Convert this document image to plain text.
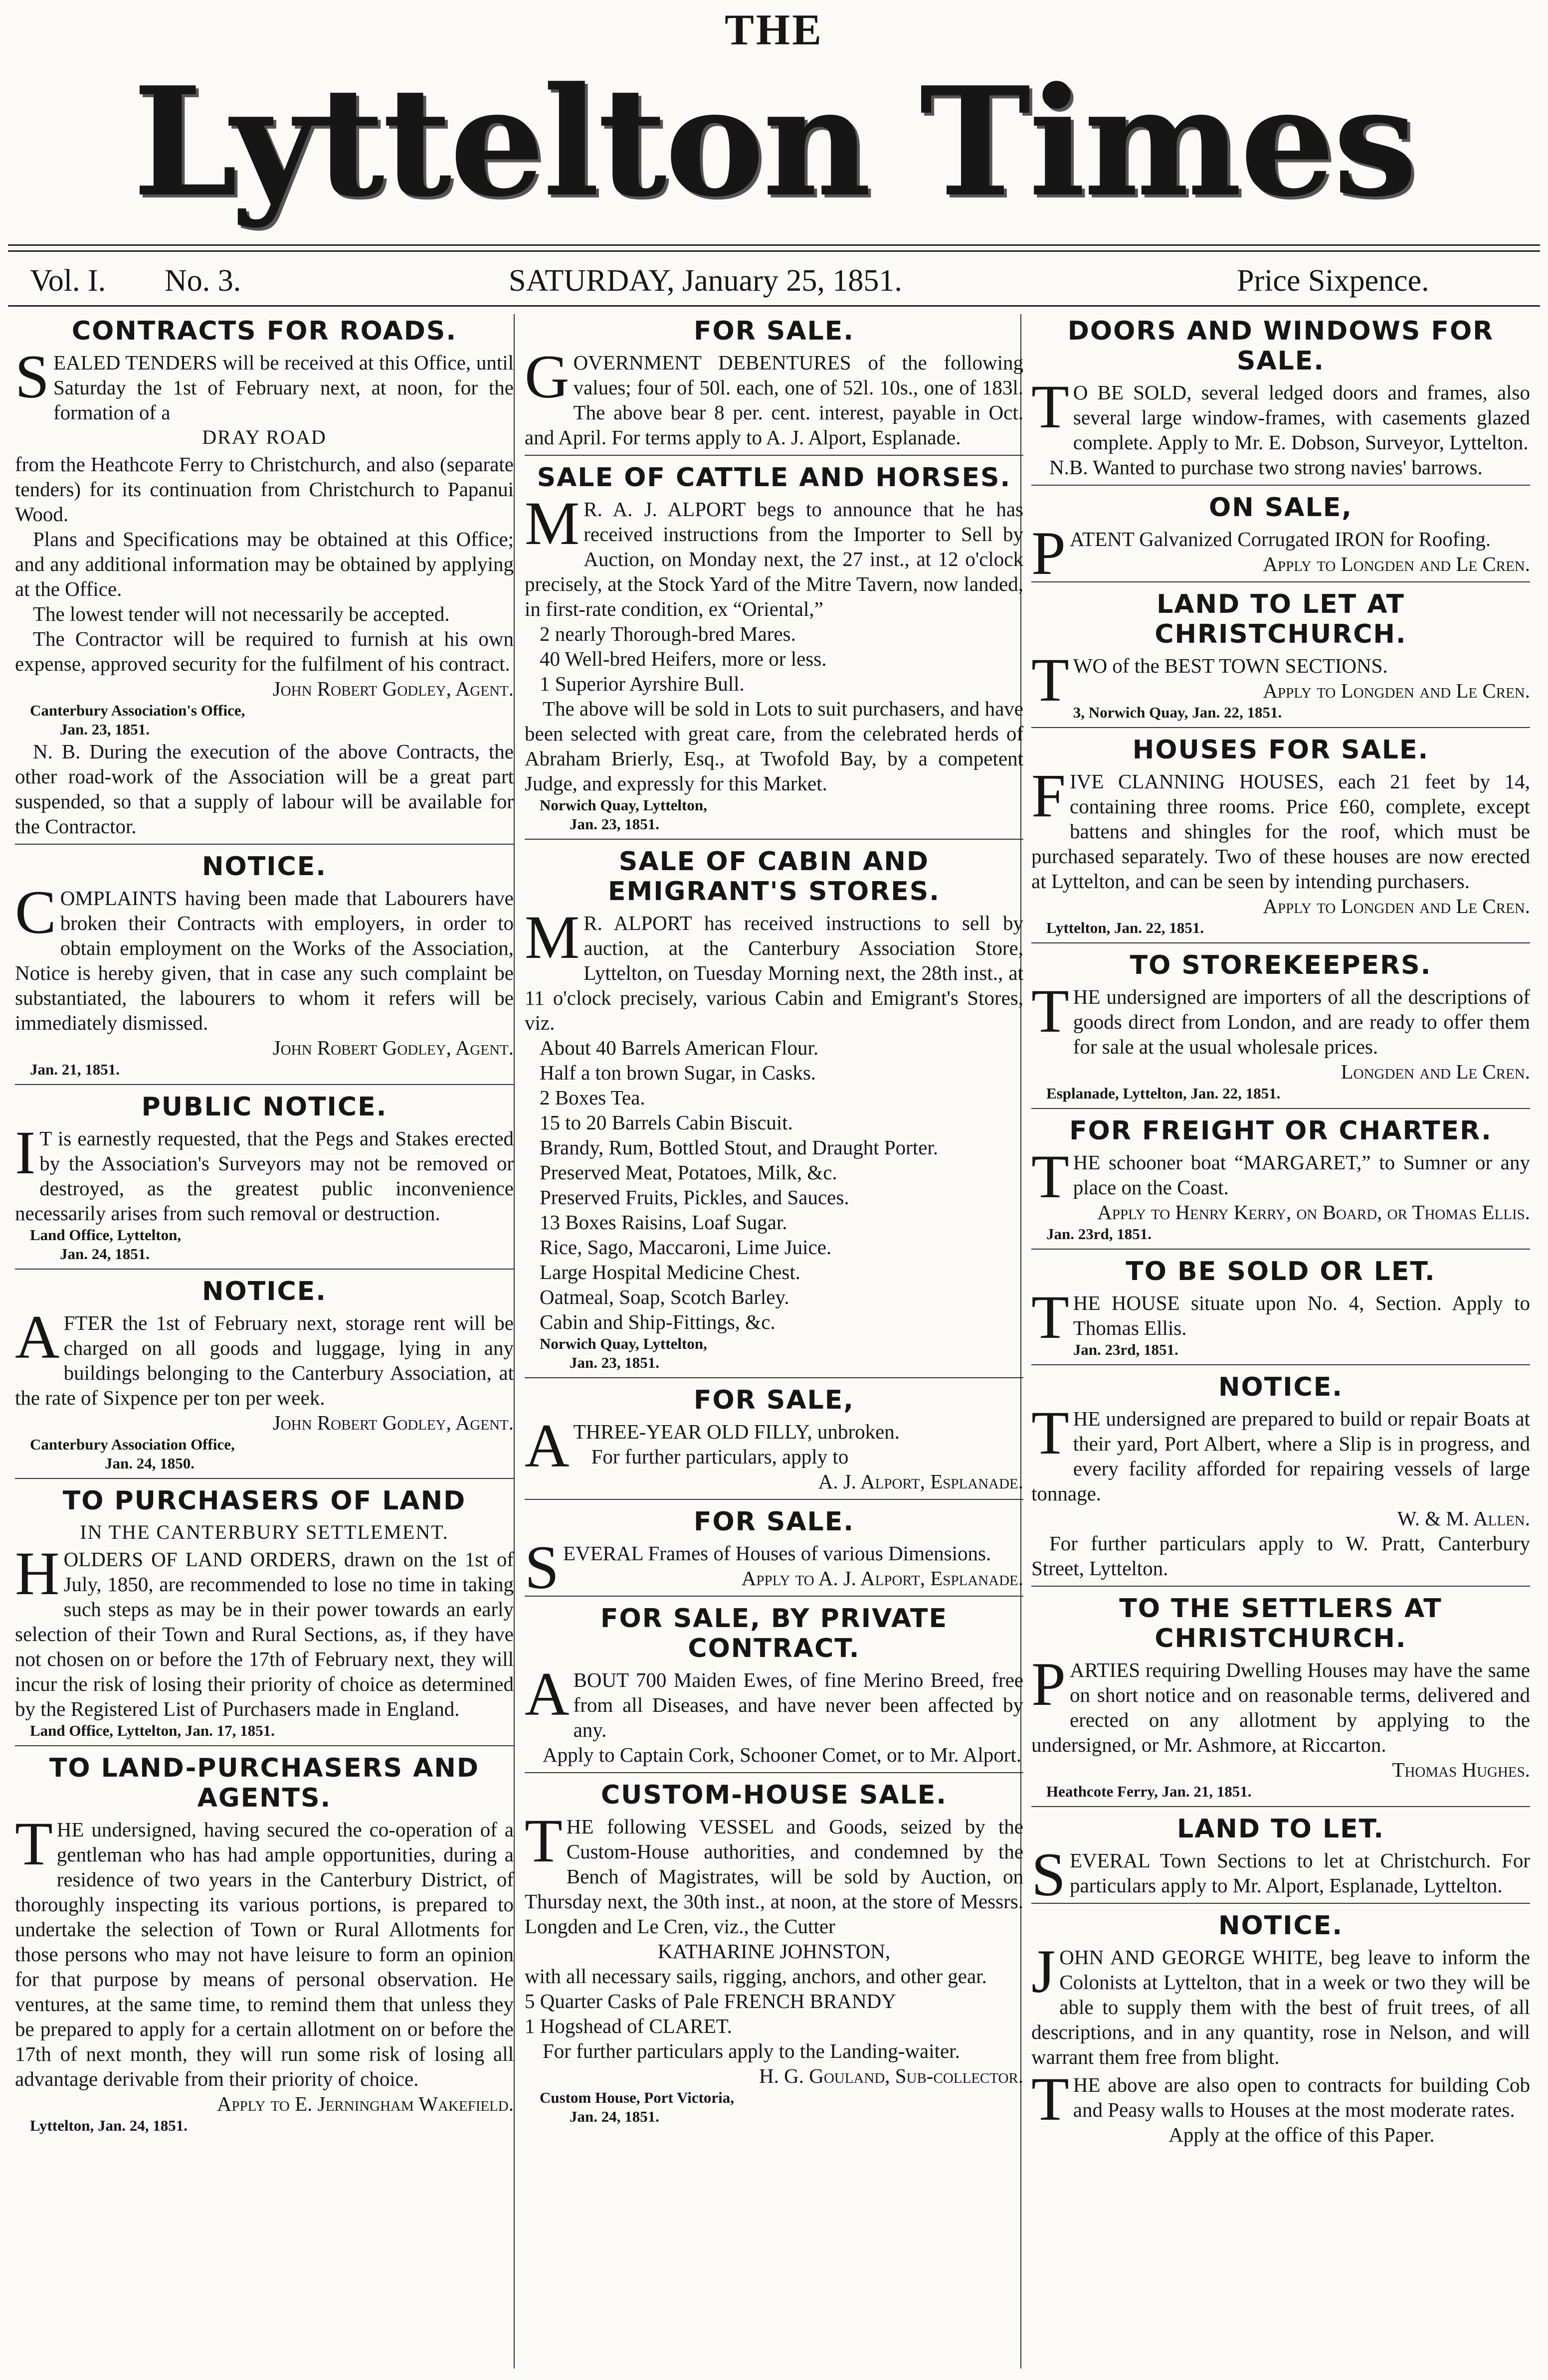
THE
Lyttelton Times
Vol. I. No. 3.	SATURDAY, January 25, 1851.	Price Sixpence.
CONTRACTS FOR ROADS.

SEALED TENDERS will be received at this Office, until Saturday the 1st of February next, at noon, for the formation of a

DRAY ROAD

from the Heathcote Ferry to Christchurch, and also (separate tenders) for its continuation from Christchurch to Papanui Wood.

Plans and Specifications may be obtained at this Office; and any additional information may be obtained by applying at the Office.

The lowest tender will not necessarily be accepted.

The Contractor will be required to furnish at his own expense, approved security for the fulfilment of his contract.

John Robert Godley, Agent.

Canterbury Association's Office,

Jan. 23, 1851.

N. B. During the execution of the above Contracts, the other road-work of the Association will be a great part suspended, so that a supply of labour will be available for the Contractor.

NOTICE.

COMPLAINTS having been made that Labourers have broken their Contracts with employers, in order to obtain employment on the Works of the Association, Notice is hereby given, that in case any such complaint be substantiated, the labourers to whom it refers will be immediately dismissed.

John Robert Godley, Agent.

Jan. 21, 1851.

PUBLIC NOTICE.

IT is earnestly requested, that the Pegs and Stakes erected by the Association's Surveyors may not be removed or destroyed, as the greatest public inconvenience necessarily arises from such removal or destruction.

Land Office, Lyttelton,

Jan. 24, 1851.

NOTICE.

AFTER the 1st of February next, storage rent will be charged on all goods and luggage, lying in any buildings belonging to the Canterbury Association, at the rate of Sixpence per ton per week.

John Robert Godley, Agent.

Canterbury Association Office,

Jan. 24, 1850.

TO PURCHASERS OF LAND
IN THE CANTERBURY SETTLEMENT.

HOLDERS OF LAND ORDERS, drawn on the 1st of July, 1850, are recommended to lose no time in taking such steps as may be in their power towards an early selection of their Town and Rural Sections, as, if they have not chosen on or before the 17th of February next, they will incur the risk of losing their priority of choice as determined by the Registered List of Purchasers made in England.

Land Office, Lyttelton, Jan. 17, 1851.

TO LAND-PURCHASERS AND AGENTS.

THE undersigned, having secured the co-operation of a gentleman who has had ample opportunities, during a residence of two years in the Canterbury District, of thoroughly inspecting its various portions, is prepared to undertake the selection of Town or Rural Allotments for those persons who may not have leisure to form an opinion for that purpose by means of personal observation. He ventures, at the same time, to remind them that unless they be prepared to apply for a certain allotment on or before the 17th of next month, they will run some risk of losing all advantage derivable from their priority of choice.

Apply to E. Jerningham Wakefield.

Lyttelton, Jan. 24, 1851.

FOR SALE.

GOVERNMENT DEBENTURES of the following values; four of 50l. each, one of 52l. 10s., one of 183l. The above bear 8 per. cent. interest, payable in Oct. and April. For terms apply to A. J. Alport, Esplanade.

SALE OF CATTLE AND HORSES.

MR. A. J. ALPORT begs to announce that he has received instructions from the Importer to Sell by Auction, on Monday next, the 27 inst., at 12 o'clock precisely, at the Stock Yard of the Mitre Tavern, now landed, in first-rate condition, ex “Oriental,”

2 nearly Thorough-bred Mares.
40 Well-bred Heifers, more or less.
1 Superior Ayrshire Bull.

The above will be sold in Lots to suit purchasers, and have been selected with great care, from the celebrated herds of Abraham Brierly, Esq., at Twofold Bay, by a competent Judge, and expressly for this Market.

Norwich Quay, Lyttelton,

Jan. 23, 1851.

SALE OF CABIN AND EMIGRANT'S STORES.

MR. ALPORT has received instructions to sell by auction, at the Canterbury Association Store, Lyttelton, on Tuesday Morning next, the 28th inst., at 11 o'clock precisely, various Cabin and Emigrant's Stores, viz.

About 40 Barrels American Flour.
Half a ton brown Sugar, in Casks.
2 Boxes Tea.
15 to 20 Barrels Cabin Biscuit.
Brandy, Rum, Bottled Stout, and Draught Porter.
Preserved Meat, Potatoes, Milk, &c.
Preserved Fruits, Pickles, and Sauces.
13 Boxes Raisins, Loaf Sugar.
Rice, Sago, Maccaroni, Lime Juice.
Large Hospital Medicine Chest.
Oatmeal, Soap, Scotch Barley.
Cabin and Ship-Fittings, &c.

Norwich Quay, Lyttelton,

Jan. 23, 1851.

FOR SALE,

ATHREE-YEAR OLD FILLY, unbroken.

For further particulars, apply to

A. J. Alport, Esplanade.

FOR SALE.

SEVERAL Frames of Houses of various Dimensions.

Apply to A. J. Alport, Esplanade.

FOR SALE, BY PRIVATE CONTRACT.

ABOUT 700 Maiden Ewes, of fine Merino Breed, free from all Diseases, and have never been affected by any.

Apply to Captain Cork, Schooner Comet, or to Mr. Alport.

CUSTOM-HOUSE SALE.

THE following VESSEL and Goods, seized by the Custom-House authorities, and condemned by the Bench of Magistrates, will be sold by Auction, on Thursday next, the 30th inst., at noon, at the store of Messrs. Longden and Le Cren, viz., the Cutter

KATHARINE JOHNSTON,

with all necessary sails, rigging, anchors, and other gear.

5 Quarter Casks of Pale FRENCH BRANDY

1 Hogshead of CLARET.

For further particulars apply to the Landing-waiter.

H. G. Gouland, Sub-collector.

Custom House, Port Victoria,

Jan. 24, 1851.

DOORS AND WINDOWS FOR SALE.

TO BE SOLD, several ledged doors and frames, also several large window-frames, with casements glazed complete. Apply to Mr. E. Dobson, Surveyor, Lyttelton.

N.B. Wanted to purchase two strong navies' barrows.

ON SALE,

PATENT Galvanized Corrugated IRON for Roofing.

Apply to Longden and Le Cren.

LAND TO LET AT CHRISTCHURCH.

TWO of the BEST TOWN SECTIONS.

Apply to Longden and Le Cren.

3, Norwich Quay, Jan. 22, 1851.

HOUSES FOR SALE.

FIVE CLANNING HOUSES, each 21 feet by 14, containing three rooms. Price £60, complete, except battens and shingles for the roof, which must be purchased separately. Two of these houses are now erected at Lyttelton, and can be seen by intending purchasers.

Apply to Longden and Le Cren.

Lyttelton, Jan. 22, 1851.

TO STOREKEEPERS.

THE undersigned are importers of all the descriptions of goods direct from London, and are ready to offer them for sale at the usual wholesale prices.

Longden and Le Cren.

Esplanade, Lyttelton, Jan. 22, 1851.

FOR FREIGHT OR CHARTER.

THE schooner boat “MARGARET,” to Sumner or any place on the Coast.

Apply to Henry Kerry, on Board, or Thomas Ellis.

Jan. 23rd, 1851.

TO BE SOLD OR LET.

THE HOUSE situate upon No. 4, Section. Apply to Thomas Ellis.

Jan. 23rd, 1851.

NOTICE.

THE undersigned are prepared to build or repair Boats at their yard, Port Albert, where a Slip is in progress, and every facility afforded for repairing vessels of large tonnage.

W. & M. Allen.

For further particulars apply to W. Pratt, Canterbury Street, Lyttelton.

TO THE SETTLERS AT CHRISTCHURCH.

PARTIES requiring Dwelling Houses may have the same on short notice and on reasonable terms, delivered and erected on any allotment by applying to the undersigned, or Mr. Ashmore, at Riccarton.

Thomas Hughes.

Heathcote Ferry, Jan. 21, 1851.

LAND TO LET.

SEVERAL Town Sections to let at Christchurch. For particulars apply to Mr. Alport, Esplanade, Lyttelton.

NOTICE.

JOHN AND GEORGE WHITE, beg leave to inform the Colonists at Lyttelton, that in a week or two they will be able to supply them with the best of fruit trees, of all descriptions, and in any quantity, rose in Nelson, and will warrant them free from blight.

THE above are also open to contracts for building Cob and Peasy walls to Houses at the most moderate rates.

Apply at the office of this Paper.
